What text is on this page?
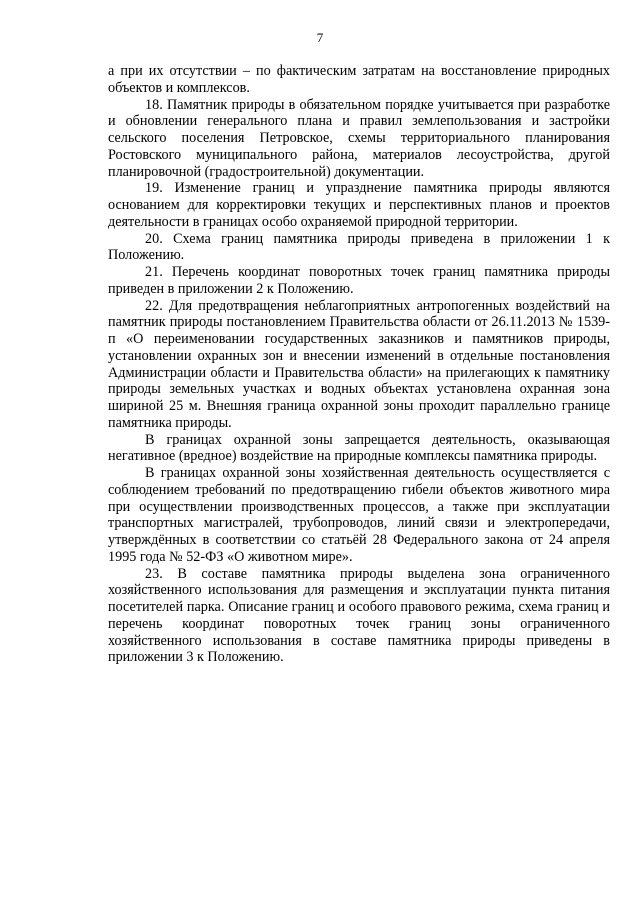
7

а при их отсутствии – по фактическим затратам на восстановление природных объектов и комплексов.

18. Памятник природы в обязательном порядке учитывается при разработке и обновлении генерального плана и правил землепользования и застройки сельского поселения Петровское, схемы территориального планирования Ростовского муниципального района, материалов лесоустройства, другой планировочной (градостроительной) документации.

19. Изменение границ и упразднение памятника природы являются основанием для корректировки текущих и перспективных планов и проектов деятельности в границах особо охраняемой природной территории.

20. Схема границ памятника природы приведена в приложении 1 к Положению.

21. Перечень координат поворотных точек границ памятника природы приведен в приложении 2 к Положению.

22. Для предотвращения неблагоприятных антропогенных воздействий на памятник природы постановлением Правительства области от 26.11.2013 № 1539-п «О переименовании государственных заказников и памятников природы, установлении охранных зон и внесении изменений в отдельные постановления Администрации области и Правительства области» на прилегающих к памятнику природы земельных участках и водных объектах установлена охранная зона шириной 25 м. Внешняя граница охранной зоны проходит параллельно границе памятника природы.

В границах охранной зоны запрещается деятельность, оказывающая негативное (вредное) воздействие на природные комплексы памятника природы.

В границах охранной зоны хозяйственная деятельность осуществляется с соблюдением требований по предотвращению гибели объектов животного мира при осуществлении производственных процессов, а также при эксплуатации транспортных магистралей, трубопроводов, линий связи и электропередачи, утверждённых в соответствии со статьёй 28 Федерального закона от 24 апреля 1995 года № 52-ФЗ «О животном мире».

23. В составе памятника природы выделена зона ограниченного хозяйственного использования для размещения и эксплуатации пункта питания посетителей парка. Описание границ и особого правового режима, схема границ и перечень координат поворотных точек границ зоны ограниченного хозяйственного использования в составе памятника природы приведены в приложении 3 к Положению.
